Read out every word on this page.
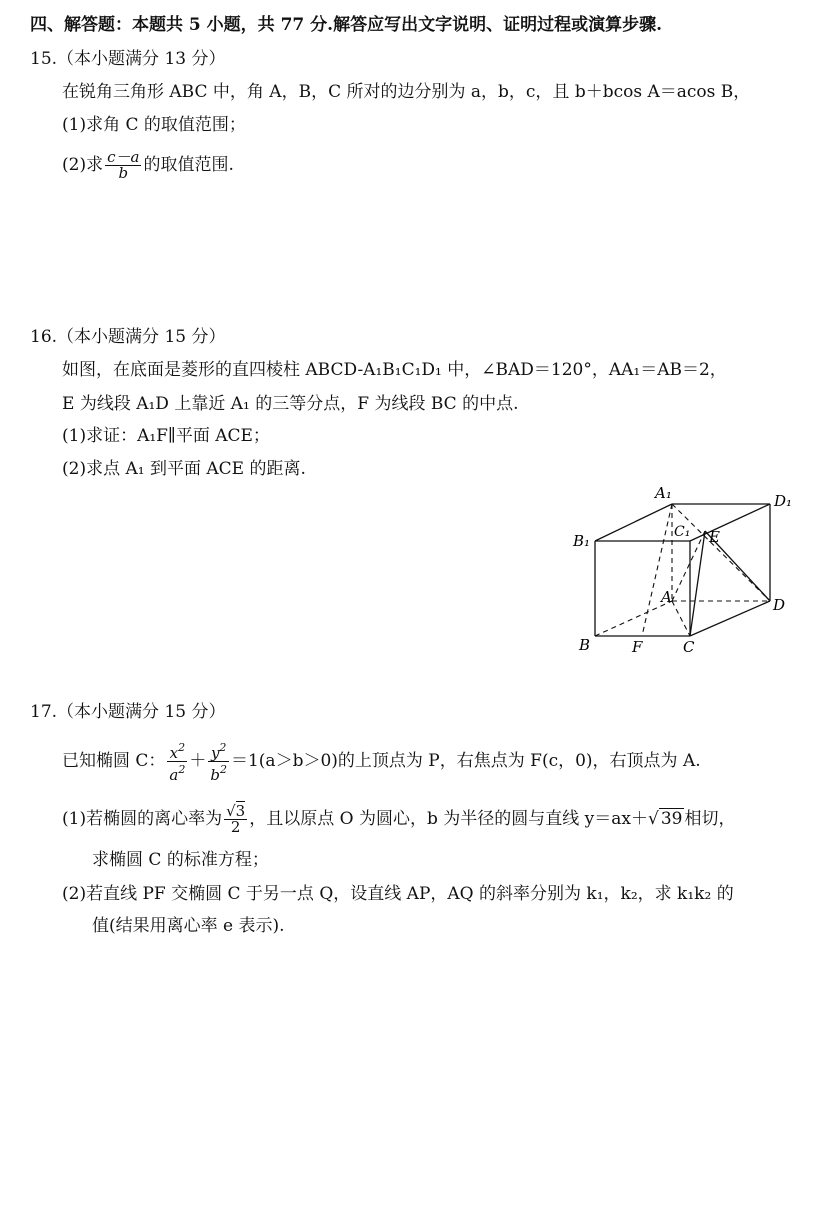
四、解答题：本题共 5 小题，共 77 分.解答应写出文字说明、证明过程或演算步骤.
15.（本小题满分 13 分）
在锐角三角形 ABC 中，角 A，B，C 所对的边分别为 a，b，c，且 b＋bcos A＝acos B，
(1)求角 C 的取值范围；
(2)求 $\frac{c-a}{b}$ 的取值范围.
16.（本小题满分 15 分）
如图，在底面是菱形的直四棱柱 ABCD-A₁B₁C₁D₁ 中，∠BAD＝120°，AA₁＝AB＝2，
E 为线段 A₁D 上靠近 A₁ 的三等分点，F 为线段 BC 的中点.
(1)求证：A₁F∥平面 ACE；
(2)求点 A₁ 到平面 ACE 的距离.
A₁	D₁
B₁	C₁ E
A	D
B	F	C
17.（本小题满分 15 分）
已知椭圆 C： $\frac{x^2}{a^2} + \frac{y^2}{b^2} =1(a>b>0)$的上顶点为 P，右焦点为 F(c，0)，右顶点为 A.
(1)若椭圆的离心率为 $\frac{√3}{2}$ ，且以原点 O 为圆心，b 为半径的圆与直线 y＝ax＋√ 39 相切，
求椭圆 C 的标准方程；
(2)若直线 PF 交椭圆 C 于另一点 Q，设直线 AP，AQ 的斜率分别为 k₁，k₂，求 k₁k₂ 的
值(结果用离心率 e 表示).
